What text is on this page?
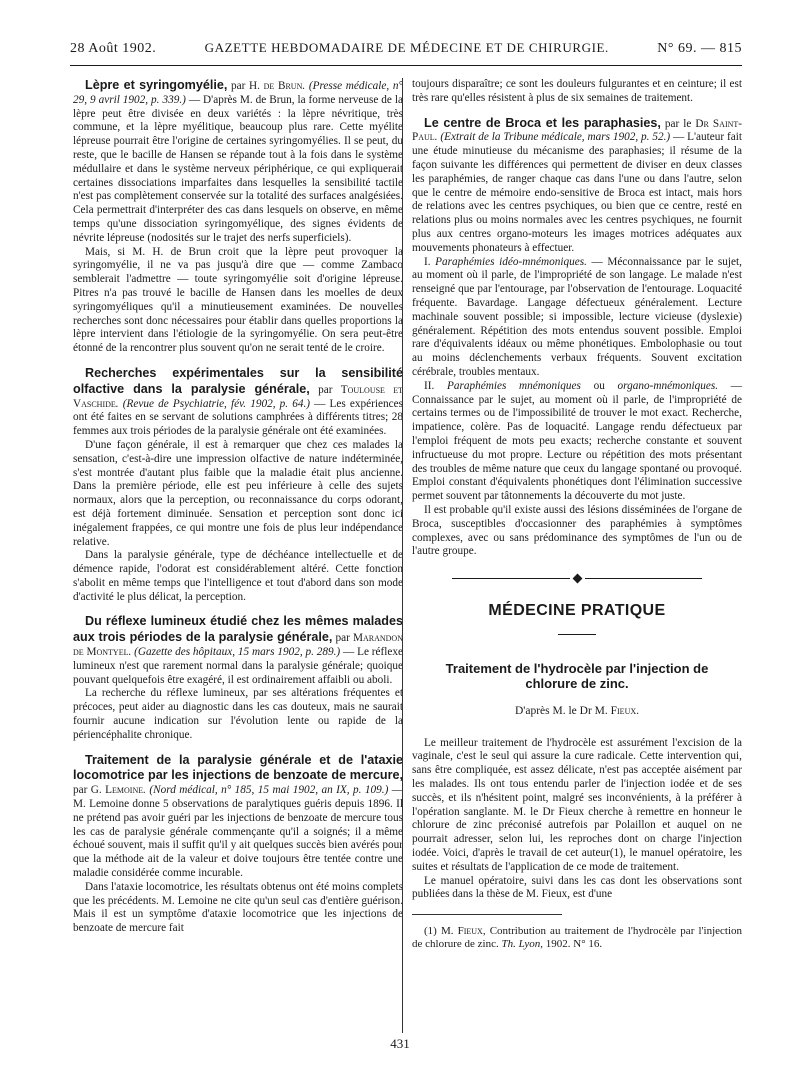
28 Août 1902.	GAZETTE HEBDOMADAIRE DE MÉDECINE ET DE CHIRURGIE.	N° 69. — 815

Lèpre et syringomyélie, par H. de Brun. (Presse médicale, n° 29, 9 avril 1902, p. 339.) — D'après M. de Brun, la forme nerveuse de la lèpre peut être divisée en deux variétés : la lèpre névritique, très commune, et la lèpre myélitique, beaucoup plus rare. Cette myélite lépreuse pourrait être l'origine de certaines syringomyélies. Il se peut, du reste, que le bacille de Hansen se répande tout à la fois dans le système médullaire et dans le système nerveux périphérique, ce qui expliquerait certaines dissociations imparfaites dans lesquelles la sensibilité tactile n'est pas complètement conservée sur la totalité des surfaces analgésiées. Cela permettrait d'interpréter des cas dans lesquels on observe, en même temps qu'une dissociation syringomyélique, des signes évidents de névrite lépreuse (nodosités sur le trajet des nerfs superficiels).

Mais, si M. H. de Brun croit que la lèpre peut provoquer la syringomyélie, il ne va pas jusqu'à dire que — comme Zambaco semblerait l'admettre — toute syringomyélie soit d'origine lépreuse. Pitres n'a pas trouvé le bacille de Hansen dans les moelles de deux syringomyéliques qu'il a minutieusement examinées. De nouvelles recherches sont donc nécessaires pour établir dans quelles proportions la lèpre intervient dans l'étiologie de la syringomyélie. On sera peut-être étonné de la rencontrer plus souvent qu'on ne serait tenté de le croire.

Recherches expérimentales sur la sensibilité olfactive dans la paralysie générale, par Toulouse et Vaschide. (Revue de Psychiatrie, fév. 1902, p. 64.) — Les expériences ont été faites en se servant de solutions camphrées à différents titres; 28 femmes aux trois périodes de la paralysie générale ont été examinées.

D'une façon générale, il est à remarquer que chez ces malades la sensation, c'est-à-dire une impression olfactive de nature indéterminée, s'est montrée d'autant plus faible que la maladie était plus ancienne. Dans la première période, elle est peu inférieure à celle des sujets normaux, alors que la perception, ou reconnaissance du corps odorant, est déjà fortement diminuée. Sensation et perception sont donc ici inégalement frappées, ce qui montre une fois de plus leur indépendance relative.

Dans la paralysie générale, type de déchéance intellectuelle et de démence rapide, l'odorat est considérablement altéré. Cette fonction s'abolit en même temps que l'intelligence et tout d'abord dans son mode d'activité le plus délicat, la perception.

Du réflexe lumineux étudié chez les mêmes malades aux trois périodes de la paralysie générale, par Marandon de Montyel. (Gazette des hôpitaux, 15 mars 1902, p. 289.) — Le réflexe lumineux n'est que rarement normal dans la paralysie générale; quoique pouvant quelquefois être exagéré, il est ordinairement affaibli ou aboli.

La recherche du réflexe lumineux, par ses altérations fréquentes et précoces, peut aider au diagnostic dans les cas douteux, mais ne saurait fournir aucune indication sur l'évolution lente ou rapide de la périencéphalite chronique.

Traitement de la paralysie générale et de l'ataxie locomotrice par les injections de benzoate de mercure, par G. Lemoine. (Nord médical, n° 185, 15 mai 1902, an IX, p. 109.) — M. Lemoine donne 5 observations de paralytiques guéris depuis 1896. Il ne prétend pas avoir guéri par les injections de benzoate de mercure tous les cas de paralysie générale commençante qu'il a soignés; il a même échoué souvent, mais il suffit qu'il y ait quelques succès bien avérés pour que la méthode ait de la valeur et doive toujours être tentée contre une maladie considérée comme incurable.

Dans l'ataxie locomotrice, les résultats obtenus ont été moins complets que les précédents. M. Lemoine ne cite qu'un seul cas d'entière guérison. Mais il est un symptôme d'ataxie locomotrice que les injections de benzoate de mercure fait

toujours disparaître; ce sont les douleurs fulgurantes et en ceinture; il est très rare qu'elles résistent à plus de six semaines de traitement.

Le centre de Broca et les paraphasies, par le Dr Saint-Paul. (Extrait de la Tribune médicale, mars 1902, p. 52.) — L'auteur fait une étude minutieuse du mécanisme des paraphasies; il résume de la façon suivante les différences qui permettent de diviser en deux classes les paraphémies, de ranger chaque cas dans l'une ou dans l'autre, selon que le centre de mémoire endo-sensitive de Broca est intact, mais hors de relations avec les centres psychiques, ou bien que ce centre, resté en relations plus ou moins normales avec les centres psychiques, ne fournit plus aux centres organo-moteurs les images motrices adéquates aux mouvements phonateurs à effectuer.

I. Paraphémies idéo-mnémoniques. — Méconnaissance par le sujet, au moment où il parle, de l'impropriété de son langage. Le malade n'est renseigné que par l'entourage, par l'observation de l'entourage. Loquacité fréquente. Bavardage. Langage défectueux généralement. Lecture machinale souvent possible; si impossible, lecture vicieuse (dyslexie) généralement. Répétition des mots entendus souvent possible. Emploi rare d'équivalents idéaux ou même phonétiques. Embolophasie ou tout au moins déclenchements verbaux fréquents. Souvent excitation cérébrale, troubles mentaux.

II. Paraphémies mnémoniques ou organo-mnémoniques. — Connaissance par le sujet, au moment où il parle, de l'impropriété de certains termes ou de l'impossibilité de trouver le mot exact. Recherche, impatience, colère. Pas de loquacité. Langage rendu défectueux par l'emploi fréquent de mots peu exacts; recherche constante et souvent infructueuse du mot propre. Lecture ou répétition des mots présentant des troubles de même nature que ceux du langage spontané ou provoqué. Emploi constant d'équivalents phonétiques dont l'élimination successive permet souvent par tâtonnements la découverte du mot juste.

Il est probable qu'il existe aussi des lésions disséminées de l'organe de Broca, susceptibles d'occasionner des paraphémies à symptômes complexes, avec ou sans prédominance des symptômes de l'un ou de l'autre groupe.

MÉDECINE PRATIQUE
Traitement de l'hydrocèle par l'injection de chlorure de zinc.
D'après M. le Dr M. Fieux.

Le meilleur traitement de l'hydrocèle est assurément l'excision de la vaginale, c'est le seul qui assure la cure radicale. Cette intervention qui, sans être compliquée, est assez délicate, n'est pas acceptée aisément par les malades. Ils ont tous entendu parler de l'injection iodée et de ses succès, et ils n'hésitent point, malgré ses inconvénients, à la préférer à l'opération sanglante. M. le Dr Fieux cherche à remettre en honneur le chlorure de zinc préconisé autrefois par Polaillon et auquel on ne pourrait adresser, selon lui, les reproches dont on charge l'injection iodée. Voici, d'après le travail de cet auteur(1), le manuel opératoire, les suites et résultats de l'application de ce mode de traitement.

Le manuel opératoire, suivi dans les cas dont les observations sont publiées dans la thèse de M. Fieux, est d'une

(1) M. Fieux, Contribution au traitement de l'hydrocèle par l'injection de chlorure de zinc. Th. Lyon, 1902. N° 16.

431
